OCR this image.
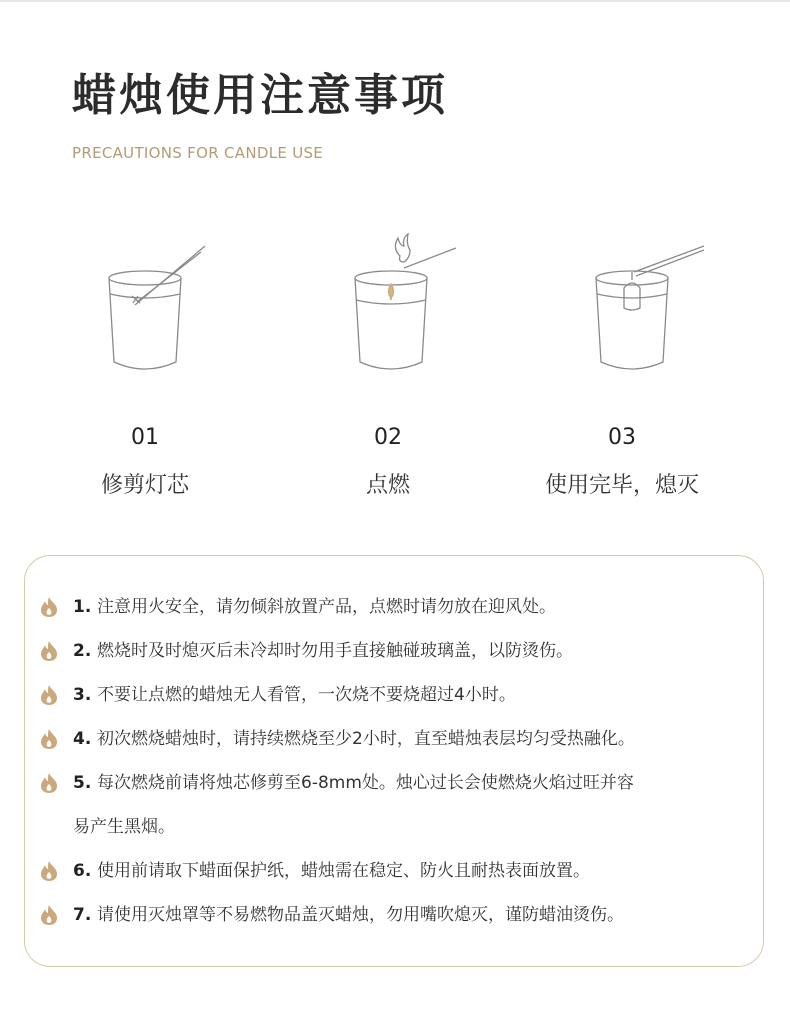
蜡烛使用注意事项
PRECAUTIONS FOR CANDLE USE
01
修剪灯芯
02
点燃
03
使用完毕，熄灭
1. 注意用火安全，请勿倾斜放置产品，点燃时请勿放在迎风处。
2. 燃烧时及时熄灭后未冷却时勿用手直接触碰玻璃盖，以防烫伤。
3. 不要让点燃的蜡烛无人看管，一次烧不要烧超过4小时。
4. 初次燃烧蜡烛时，请持续燃烧至少2小时，直至蜡烛表层均匀受热融化。
5. 每次燃烧前请将烛芯修剪至6-8mm处。烛心过长会使燃烧火焰过旺并容
易产生黑烟。
6. 使用前请取下蜡面保护纸，蜡烛需在稳定、防火且耐热表面放置。
7. 请使用灭烛罩等不易燃物品盖灭蜡烛，勿用嘴吹熄灭，谨防蜡油烫伤。
